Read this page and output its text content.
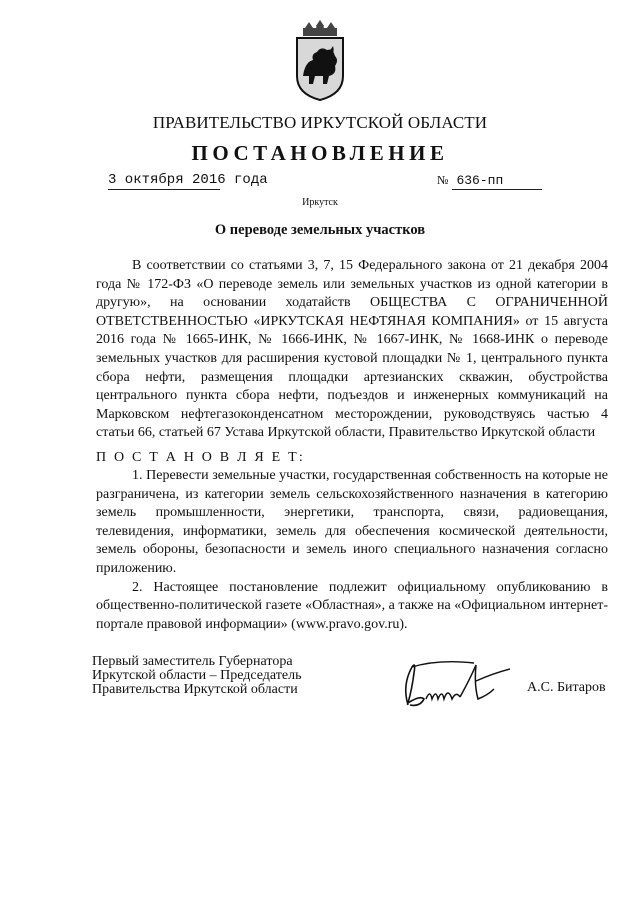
ПРАВИТЕЛЬСТВО ИРКУТСКОЙ ОБЛАСТИ
ПОСТАНОВЛЕНИЕ
3 октября 2016 года	№ 636-пп
Иркутск
О переводе земельных участков

В соответствии со статьями 3, 7, 15 Федерального закона от 21 декабря 2004 года № 172-ФЗ «О переводе земель или земельных участков из одной категории в другую», на основании ходатайств ОБЩЕСТВА С ОГРАНИЧЕННОЙ ОТВЕТСТВЕННОСТЬЮ «ИРКУТСКАЯ НЕФТЯНАЯ КОМПАНИЯ» от 15 августа 2016 года № 1665-ИНК, № 1666-ИНК, № 1667-ИНК, № 1668-ИНК о переводе земельных участков для расширения кустовой площадки № 1, центрального пункта сбора нефти, размещения площадки артезианских скважин, обустройства центрального пункта сбора нефти, подъездов и инженерных коммуникаций на Марковском нефтегазоконденсатном месторождении, руководствуясь частью 4 статьи 66, статьей 67 Устава Иркутской области, Правительство Иркутской области

П О С Т А Н О В Л Я Е Т:

1. Перевести земельные участки, государственная собственность на которые не разграничена, из категории земель сельскохозяйственного назначения в категорию земель промышленности, энергетики, транспорта, связи, радиовещания, телевидения, информатики, земель для обеспечения космической деятельности, земель обороны, безопасности и земель иного специального назначения согласно приложению.

2. Настоящее постановление подлежит официальному опубликованию в общественно-политической газете «Областная», а также на «Официальном интернет-портале правовой информации» (www.pravo.gov.ru).

Первый заместитель Губернатора
Иркутской области – Председатель
Правительства Иркутской области	А.С. Битаров
